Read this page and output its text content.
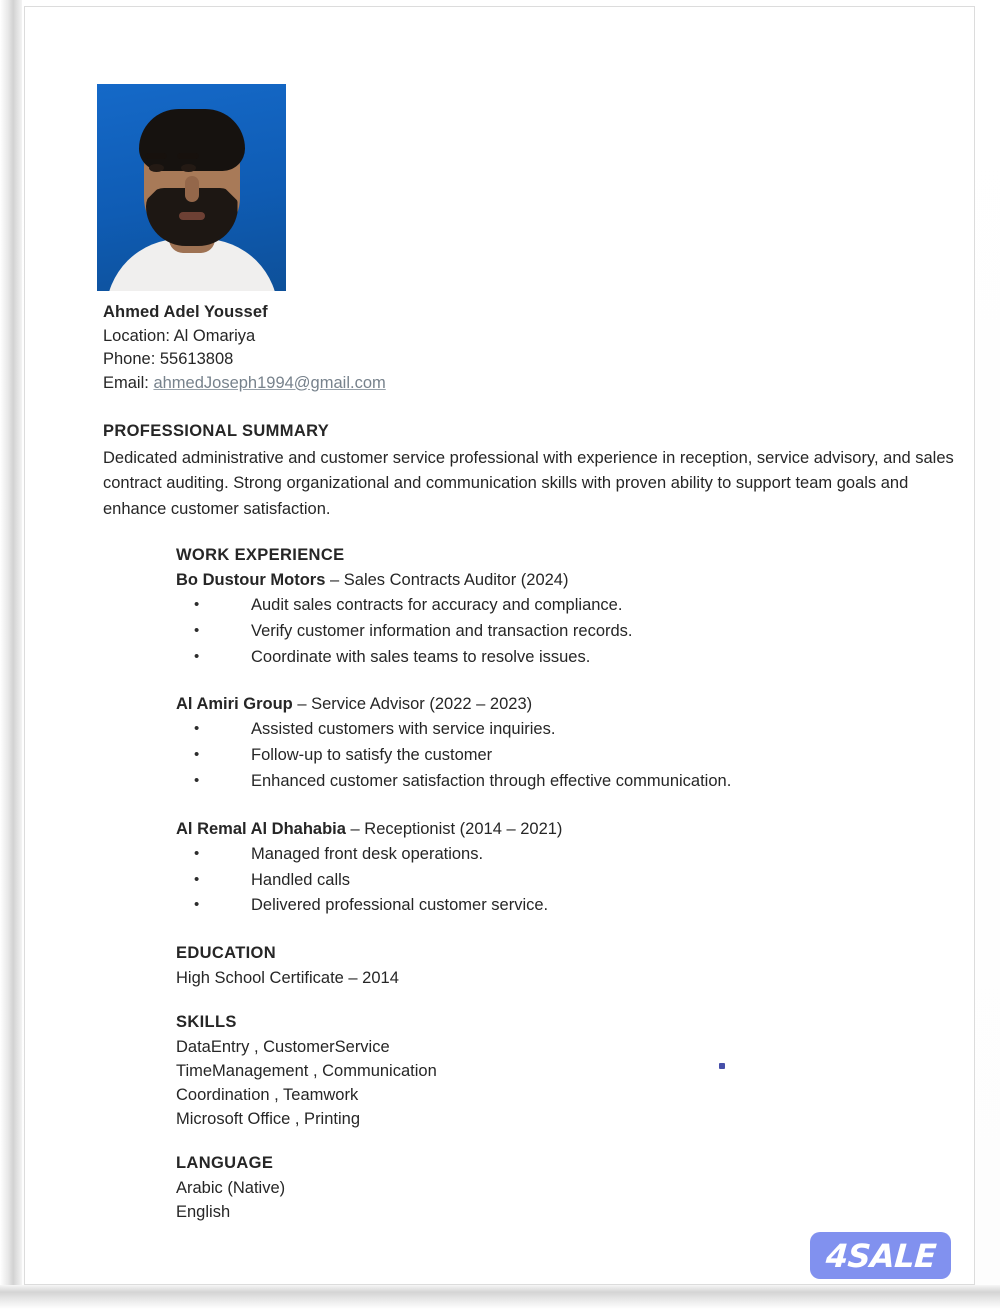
Ahmed Adel Youssef
Location: Al Omariya
Phone: 55613808
Email: ahmedJoseph1994@gmail.com
PROFESSIONAL SUMMARY
Dedicated administrative and customer service professional with experience in reception, service advisory, and sales contract auditing. Strong organizational and communication skills with proven ability to support team goals and enhance customer satisfaction.
WORK EXPERIENCE
Bo Dustour Motors – Sales Contracts Auditor (2024)
• Audit sales contracts for accuracy and compliance.
• Verify customer information and transaction records.
• Coordinate with sales teams to resolve issues.
Al Amiri Group – Service Advisor (2022 – 2023)
• Assisted customers with service inquiries.
• Follow-up to satisfy the customer
• Enhanced customer satisfaction through effective communication.
Al Remal Al Dhahabia – Receptionist (2014 – 2021)
• Managed front desk operations.
• Handled calls
• Delivered professional customer service.
EDUCATION
High School Certificate – 2014
SKILLS
DataEntry , CustomerService
TimeManagement , Communication
Coordination , Teamwork
Microsoft Office , Printing
LANGUAGE
Arabic (Native)
English
4SALE
